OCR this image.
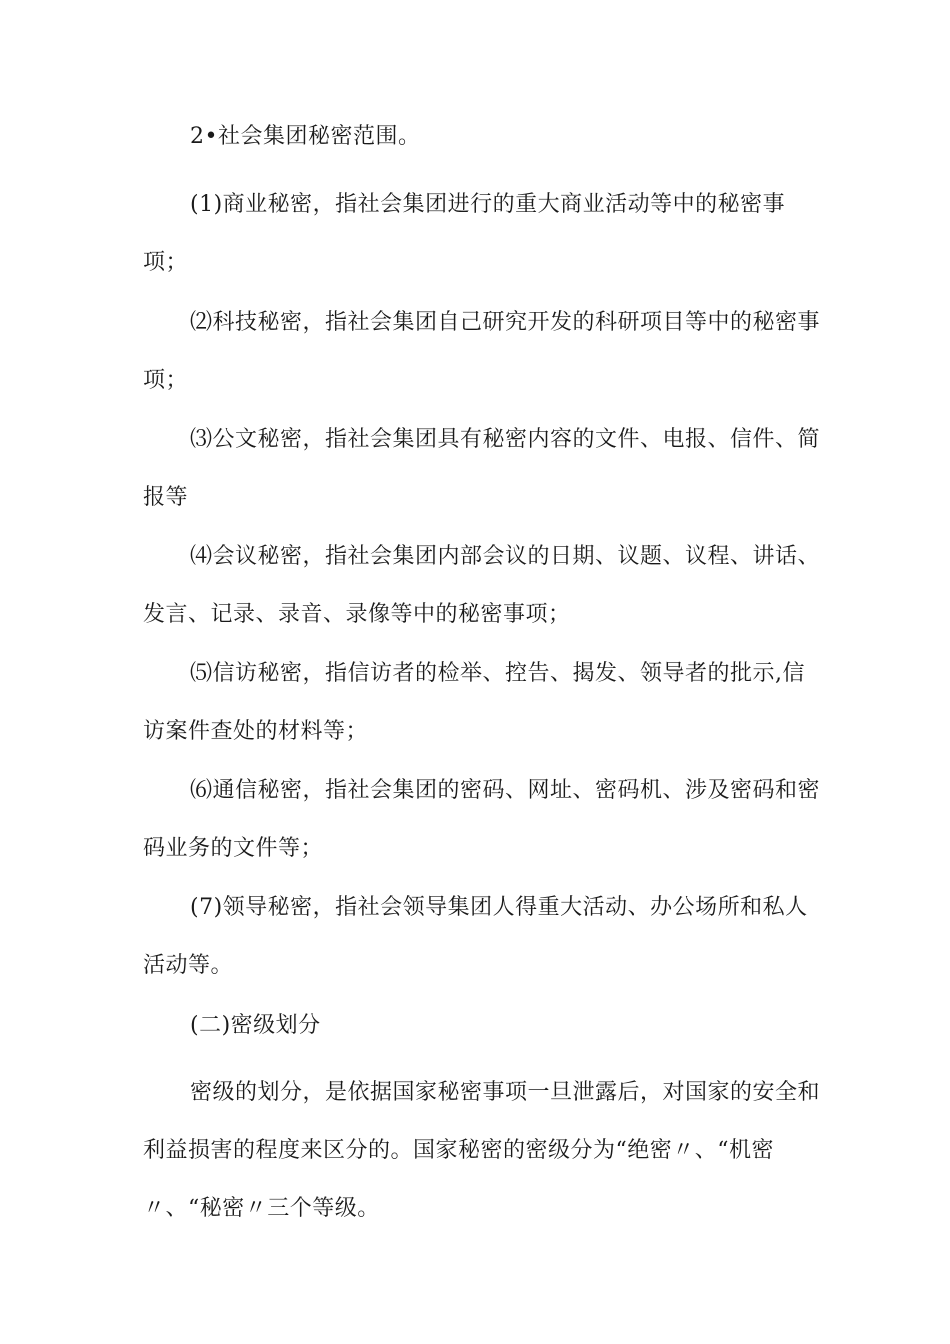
2•社会集团秘密范围。

(1)商业秘密，指社会集团进行的重大商业活动等中的秘密事项；

⑵科技秘密，指社会集团自己研究开发的科研项目等中的秘密事项；

⑶公文秘密，指社会集团具有秘密内容的文件、电报、信件、简报等

⑷会议秘密，指社会集团内部会议的日期、议题、议程、讲话、发言、记录、录音、录像等中的秘密事项；

⑸信访秘密，指信访者的检举、控告、揭发、领导者的批示,信访案件查处的材料等；

⑹通信秘密，指社会集团的密码、网址、密码机、涉及密码和密码业务的文件等；

(7)领导秘密，指社会领导集团人得重大活动、办公场所和私人活动等。

(二)密级划分

密级的划分，是依据国家秘密事项一旦泄露后，对国家的安全和利益损害的程度来区分的。国家秘密的密级分为“绝密〃、“机密〃、“秘密〃三个等级。
